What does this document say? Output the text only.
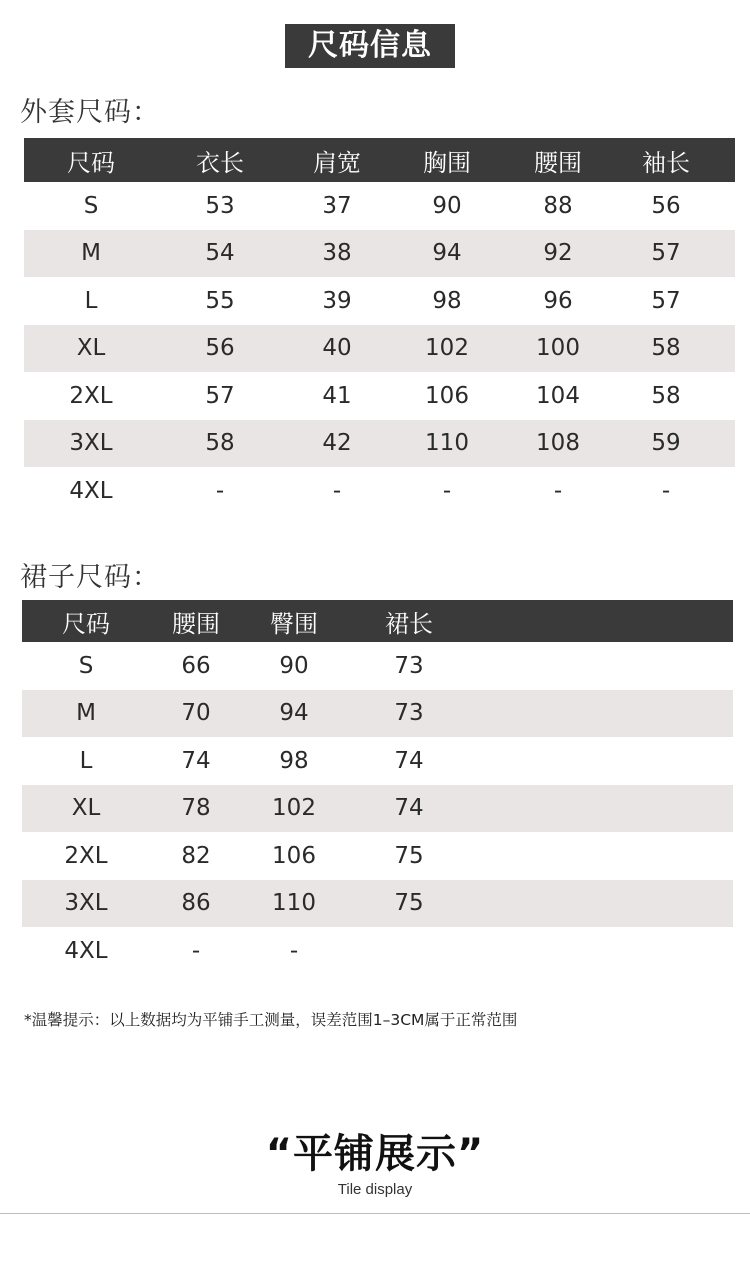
尺码信息
外套尺码：
尺码	衣长	肩宽	胸围	腰围	袖长
S	53	37	90	88	56
M	54	38	94	92	57
L	55	39	98	96	57
XL	56	40	102	100	58
2XL	57	41	106	104	58
3XL	58	42	110	108	59
4XL	-	-	-	-	-
裙子尺码：
尺码	腰围	臀围	裙长
S	66	90	73
M	70	94	73
L	74	98	74
XL	78	102	74
2XL	82	106	75
3XL	86	110	75
4XL	-	-
*温馨提示：以上数据均为平铺手工测量，误差范围1–3CM属于正常范围
“平铺展示”
Tile display
